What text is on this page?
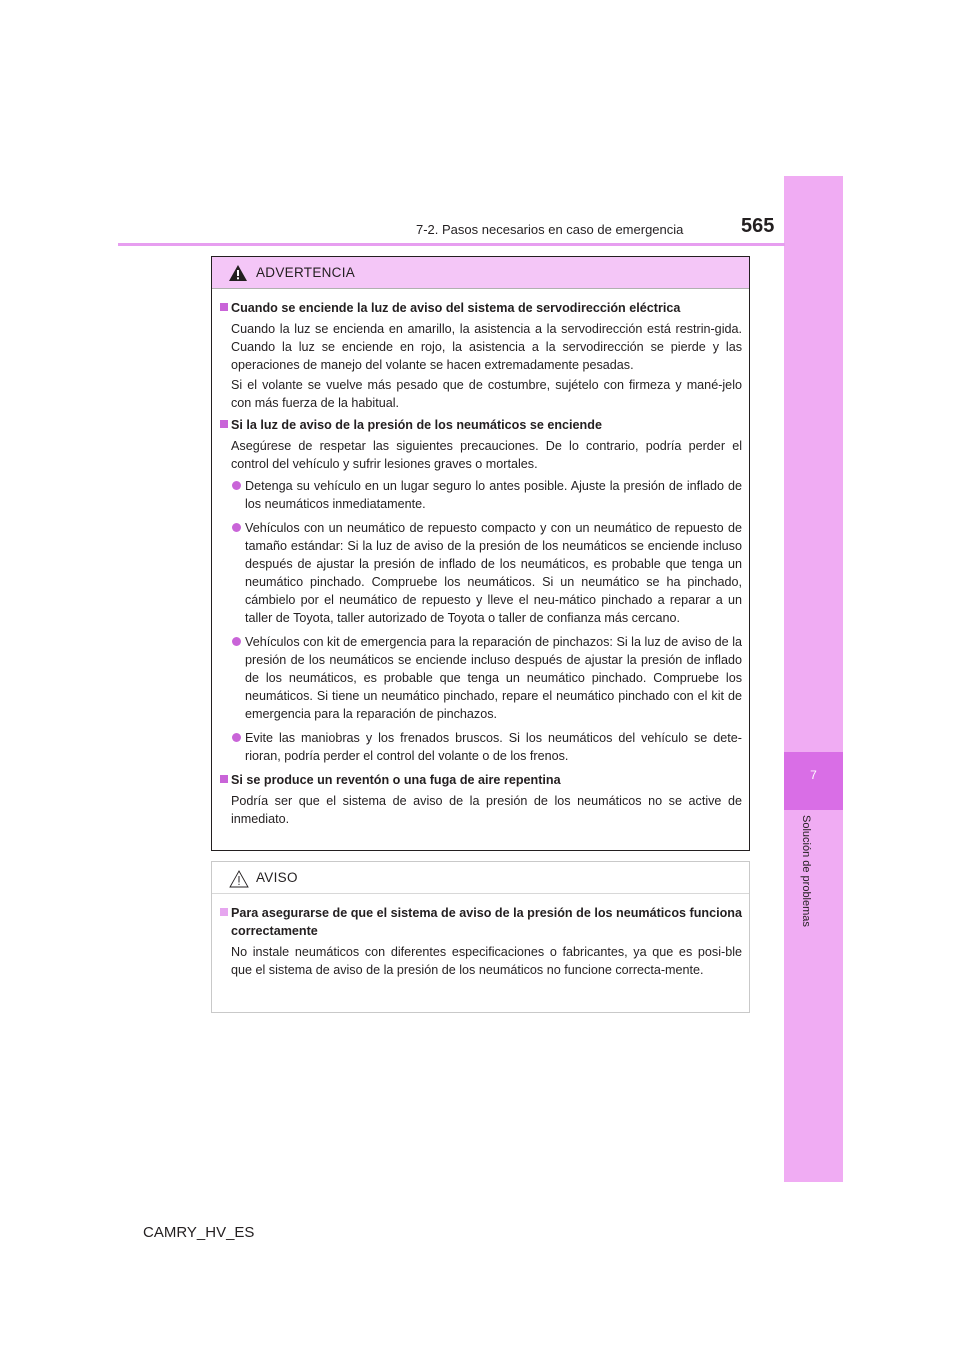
7
Solución de problemas
7-2. Pasos necesarios en caso de emergencia	565
ADVERTENCIA
Cuando se enciende la luz de aviso del sistema de servodirección eléctrica
Cuando la luz se encienda en amarillo, la asistencia a la servodirección está restrin-gida. Cuando la luz se enciende en rojo, la asistencia a la servodirección se pierde y las operaciones de manejo del volante se hacen extremadamente pesadas.
Si el volante se vuelve más pesado que de costumbre, sujételo con firmeza y mané-jelo con más fuerza de la habitual.
Si la luz de aviso de la presión de los neumáticos se enciende
Asegúrese de respetar las siguientes precauciones. De lo contrario, podría perder el control del vehículo y sufrir lesiones graves o mortales.
Detenga su vehículo en un lugar seguro lo antes posible. Ajuste la presión de inflado de los neumáticos inmediatamente.
Vehículos con un neumático de repuesto compacto y con un neumático de repuesto de tamaño estándar: Si la luz de aviso de la presión de los neumáticos se enciende incluso después de ajustar la presión de inflado de los neumáticos, es probable que tenga un neumático pinchado. Compruebe los neumáticos. Si un neumático se ha pinchado, cámbielo por el neumático de repuesto y lleve el neu-mático pinchado a reparar a un taller de Toyota, taller autorizado de Toyota o taller de confianza más cercano.
Vehículos con kit de emergencia para la reparación de pinchazos: Si la luz de aviso de la presión de los neumáticos se enciende incluso después de ajustar la presión de inflado de los neumáticos, es probable que tenga un neumático pinchado. Compruebe los neumáticos. Si tiene un neumático pinchado, repare el neumático pinchado con el kit de emergencia para la reparación de pinchazos.
Evite las maniobras y los frenados bruscos. Si los neumáticos del vehículo se dete-rioran, podría perder el control del volante o de los frenos.
Si se produce un reventón o una fuga de aire repentina
Podría ser que el sistema de aviso de la presión de los neumáticos no se active de inmediato.
AVISO
Para asegurarse de que el sistema de aviso de la presión de los neumáticos funciona correctamente
No instale neumáticos con diferentes especificaciones o fabricantes, ya que es posi-ble que el sistema de aviso de la presión de los neumáticos no funcione correcta-mente.
CAMRY_HV_ES
